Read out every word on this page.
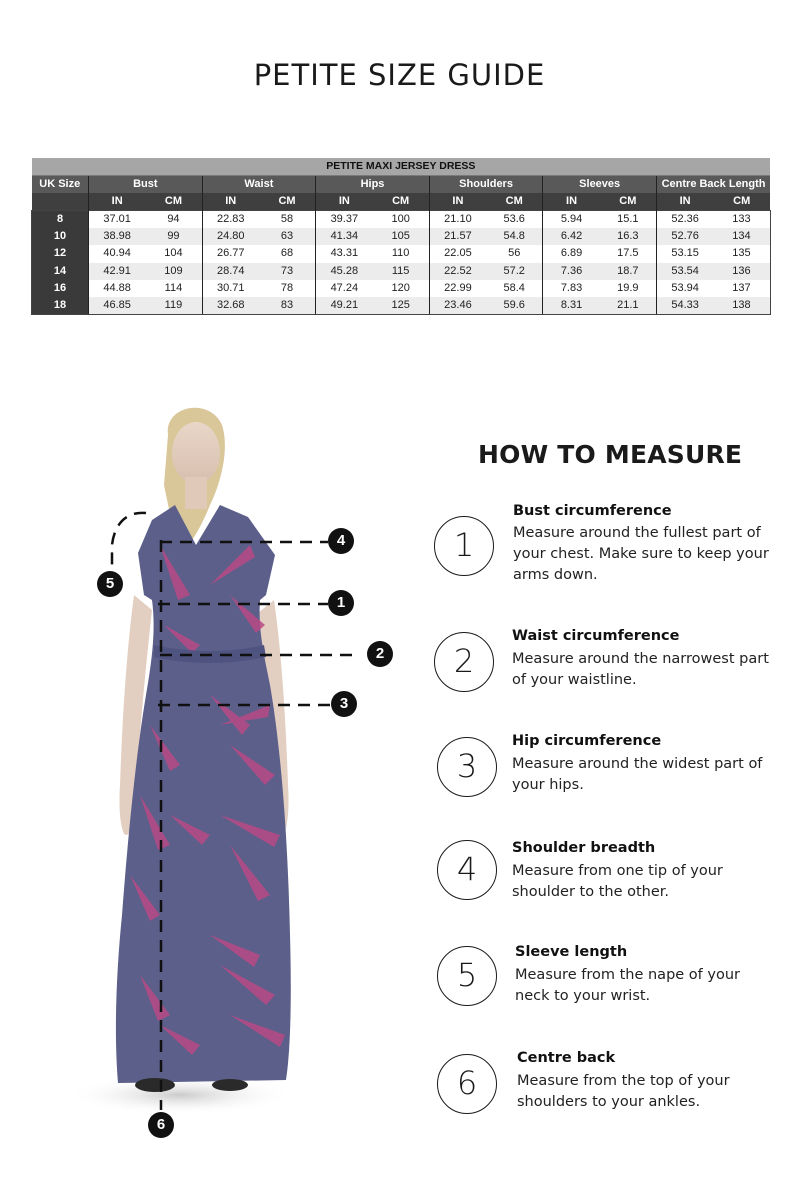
PETITE SIZE GUIDE
PETITE MAXI JERSEY DRESS												
UK Size	Bust		Waist		Hips		Shoulders		Sleeves		Centre Back Length	
	IN	CM	IN	CM	IN	CM	IN	CM	IN	CM	IN	CM
8	37.01	94	22.83	58	39.37	100	21.10	53.6	5.94	15.1	52.36	133
10	38.98	99	24.80	63	41.34	105	21.57	54.8	6.42	16.3	52.76	134
12	40.94	104	26.77	68	43.31	110	22.05	56	6.89	17.5	53.15	135
14	42.91	109	28.74	73	45.28	115	22.52	57.2	7.36	18.7	53.54	136
16	44.88	114	30.71	78	47.24	120	22.99	58.4	7.83	19.9	53.94	137
18	46.85	119	32.68	83	49.21	125	23.46	59.6	8.31	21.1	54.33	138
4
1
2
3
5
6
HOW TO MEASURE
1
Bust circumference
Measure around the fullest part of your chest. Make sure to keep your arms down.
2
Waist circumference
Measure around the narrowest part of your waistline.
3
Hip circumference
Measure around the widest part of your hips.
4
Shoulder breadth
Measure from one tip of your shoulder to the other.
5
Sleeve length
Measure from the nape of your neck to your wrist.
6
Centre back
Measure from the top of your shoulders to your ankles.
